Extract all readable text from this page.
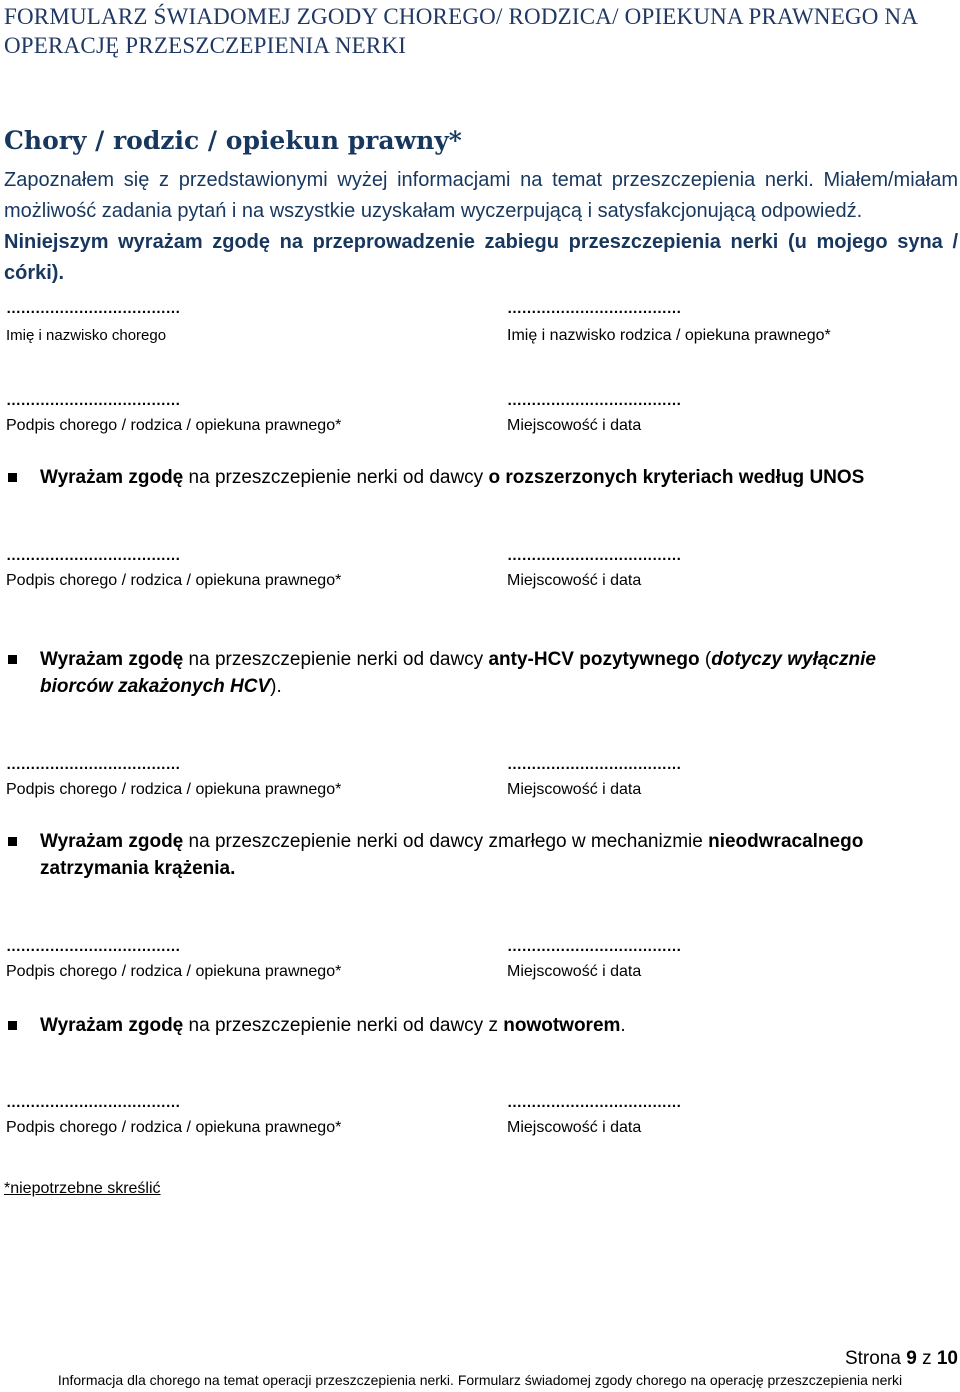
FORMULARZ ŚWIADOMEJ ZGODY CHOREGO/ RODZICA/ OPIEKUNA PRAWNEGO NA OPERACJĘ PRZESZCZEPIENIA NERKI
Chory / rodzic / opiekun prawny*
Zapoznałem się z przedstawionymi wyżej informacjami na temat przeszczepienia nerki. Miałem/miałam możliwość zadania pytań i na wszystkie uzyskałam wyczerpującą i satysfakcjonującą odpowiedź.
Niniejszym wyrażam zgodę na przeprowadzenie zabiegu przeszczepienia nerki (u mojego syna / córki).
………………………………
Imię i nazwisko chorego
………………………………
Imię i nazwisko rodzica / opiekuna prawnego*
………………………………
Podpis chorego / rodzica / opiekuna prawnego*
………………………………
Miejscowość i data
Wyrażam zgodę na przeszczepienie nerki od dawcy o rozszerzonych kryteriach według UNOS
………………………………
Podpis chorego / rodzica / opiekuna prawnego*
………………………………
Miejscowość i data
Wyrażam zgodę na przeszczepienie nerki od dawcy anty-HCV pozytywnego (dotyczy wyłącznie biorców zakażonych HCV).
………………………………
Podpis chorego / rodzica / opiekuna prawnego*
………………………………
Miejscowość i data
Wyrażam zgodę na przeszczepienie nerki od dawcy zmarłego w mechanizmie nieodwracalnego zatrzymania krążenia.
………………………………
Podpis chorego / rodzica / opiekuna prawnego*
………………………………
Miejscowość i data
Wyrażam zgodę na przeszczepienie nerki od dawcy z nowotworem.
………………………………
Podpis chorego / rodzica / opiekuna prawnego*
………………………………
Miejscowość i data
*niepotrzebne skreślić
Strona 9 z 10
Informacja dla chorego na temat operacji przeszczepienia nerki. Formularz świadomej zgody chorego na operację przeszczepienia nerki
